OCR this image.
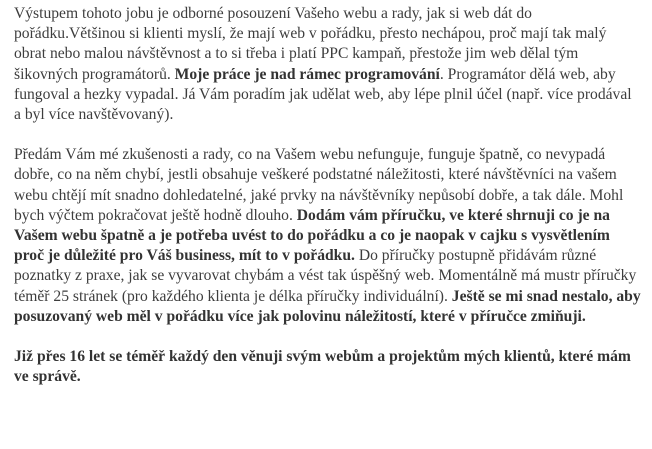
Výstupem tohoto jobu je odborné posouzení Vašeho webu a rady, jak si web dát do pořádku.Většinou si klienti myslí, že mají web v pořádku, přesto nechápou, proč mají tak malý obrat nebo malou návštěvnost a to si třeba i platí PPC kampaň, přestože jim web dělal tým šikovných programátorů. Moje práce je nad rámec programování. Programátor dělá web, aby fungoval a hezky vypadal. Já Vám poradím jak udělat web, aby lépe plnil účel (např. více prodával a byl více navštěvovaný).

Předám Vám mé zkušenosti a rady, co na Vašem webu nefunguje, funguje špatně, co nevypadá dobře, co na něm chybí, jestli obsahuje veškeré podstatné náležitosti, které návštěvníci na vašem webu chtějí mít snadno dohledatelné, jaké prvky na návštěvníky nepůsobí dobře, a tak dále. Mohl bych výčtem pokračovat ještě hodně dlouho. Dodám vám příručku, ve které shrnuji co je na Vašem webu špatně a je potřeba uvést to do pořádku a co je naopak v cajku s vysvětlením proč je důležité pro Váš business, mít to v pořádku. Do příručky postupně přidávám různé poznatky z praxe, jak se vyvarovat chybám a vést tak úspěšný web. Momentálně má mustr příručky téměř 25 stránek (pro každého klienta je délka příručky individuální). Ještě se mi snad nestalo, aby posuzovaný web měl v pořádku více jak polovinu náležitostí, které v příručce zmiňuji.

Již přes 16 let se téměř každý den věnuji svým webům a projektům mých klientů, které mám ve správě.
